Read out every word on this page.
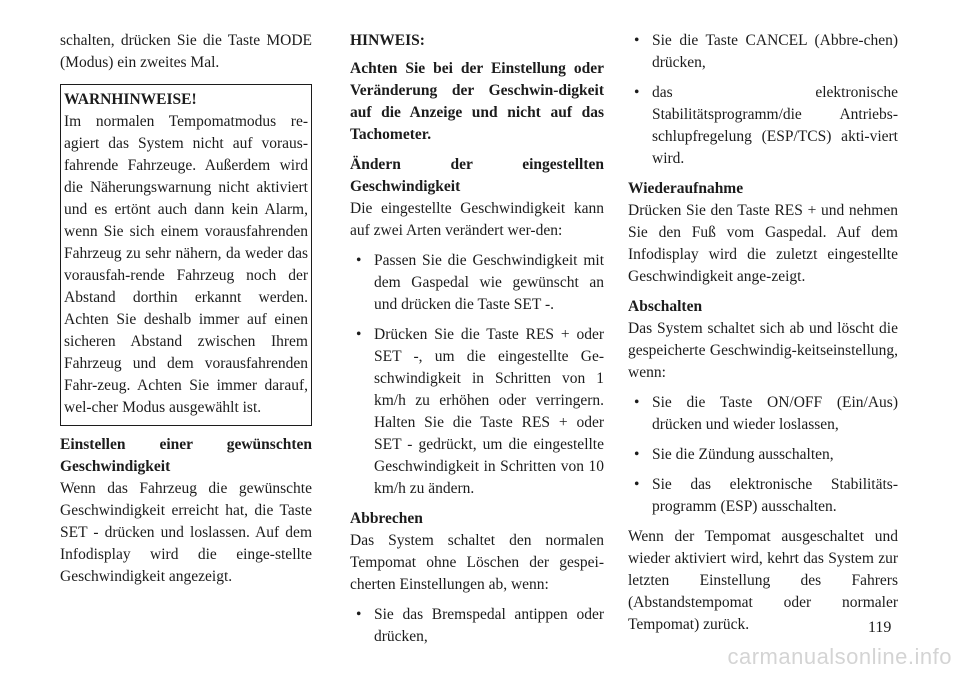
schalten, drücken Sie die Taste MODE (Modus) ein zweites Mal.

WARNHINWEISE!

Im normalen Tempomatmodus re-agiert das System nicht auf voraus-fahrende Fahrzeuge. Außerdem wird die Näherungswarnung nicht aktiviert und es ertönt auch dann kein Alarm, wenn Sie sich einem vorausfahrenden Fahrzeug zu sehr nähern, da weder das vorausfah-rende Fahrzeug noch der Abstand dorthin erkannt werden. Achten Sie deshalb immer auf einen sicheren Abstand zwischen Ihrem Fahrzeug und dem vorausfahrenden Fahr-zeug. Achten Sie immer darauf, wel-cher Modus ausgewählt ist.

Einstellen einer gewünschten Geschwindigkeit

Wenn das Fahrzeug die gewünschte Geschwindigkeit erreicht hat, die Taste SET - drücken und loslassen. Auf dem Infodisplay wird die einge-stellte Geschwindigkeit angezeigt.

HINWEIS:

Achten Sie bei der Einstellung oder Veränderung der Geschwin-digkeit auf die Anzeige und nicht auf das Tachometer.

Ändern der eingestellten Geschwindigkeit

Die eingestellte Geschwindigkeit kann auf zwei Arten verändert wer-den:

• Passen Sie die Geschwindigkeit mit dem Gaspedal wie gewünscht an und drücken die Taste SET -.
• Drücken Sie die Taste RES + oder SET -, um die eingestellte Ge-schwindigkeit in Schritten von 1 km/h zu erhöhen oder verringern. Halten Sie die Taste RES + oder SET - gedrückt, um die eingestellte Geschwindigkeit in Schritten von 10 km/h zu ändern.

Abbrechen

Das System schaltet den normalen Tempomat ohne Löschen der gespei-cherten Einstellungen ab, wenn:

• Sie das Bremspedal antippen oder drücken,
• Sie die Taste CANCEL (Abbre-chen) drücken,
• das elektronische Stabilitätsprogramm/die Antriebs-schlupfregelung (ESP/TCS) akti-viert wird.

Wiederaufnahme

Drücken Sie den Taste RES + und nehmen Sie den Fuß vom Gaspedal. Auf dem Infodisplay wird die zuletzt eingestellte Geschwindigkeit ange-zeigt.

Abschalten

Das System schaltet sich ab und löscht die gespeicherte Geschwindig-keitseinstellung, wenn:

• Sie die Taste ON/OFF (Ein/Aus) drücken und wieder loslassen,
• Sie die Zündung ausschalten,
• Sie das elektronische Stabilitäts-programm (ESP) ausschalten.

Wenn der Tempomat ausgeschaltet und wieder aktiviert wird, kehrt das System zur letzten Einstellung des Fahrers (Abstandstempomat oder normaler Tempomat) zurück.	119
carmanualsonline.info
